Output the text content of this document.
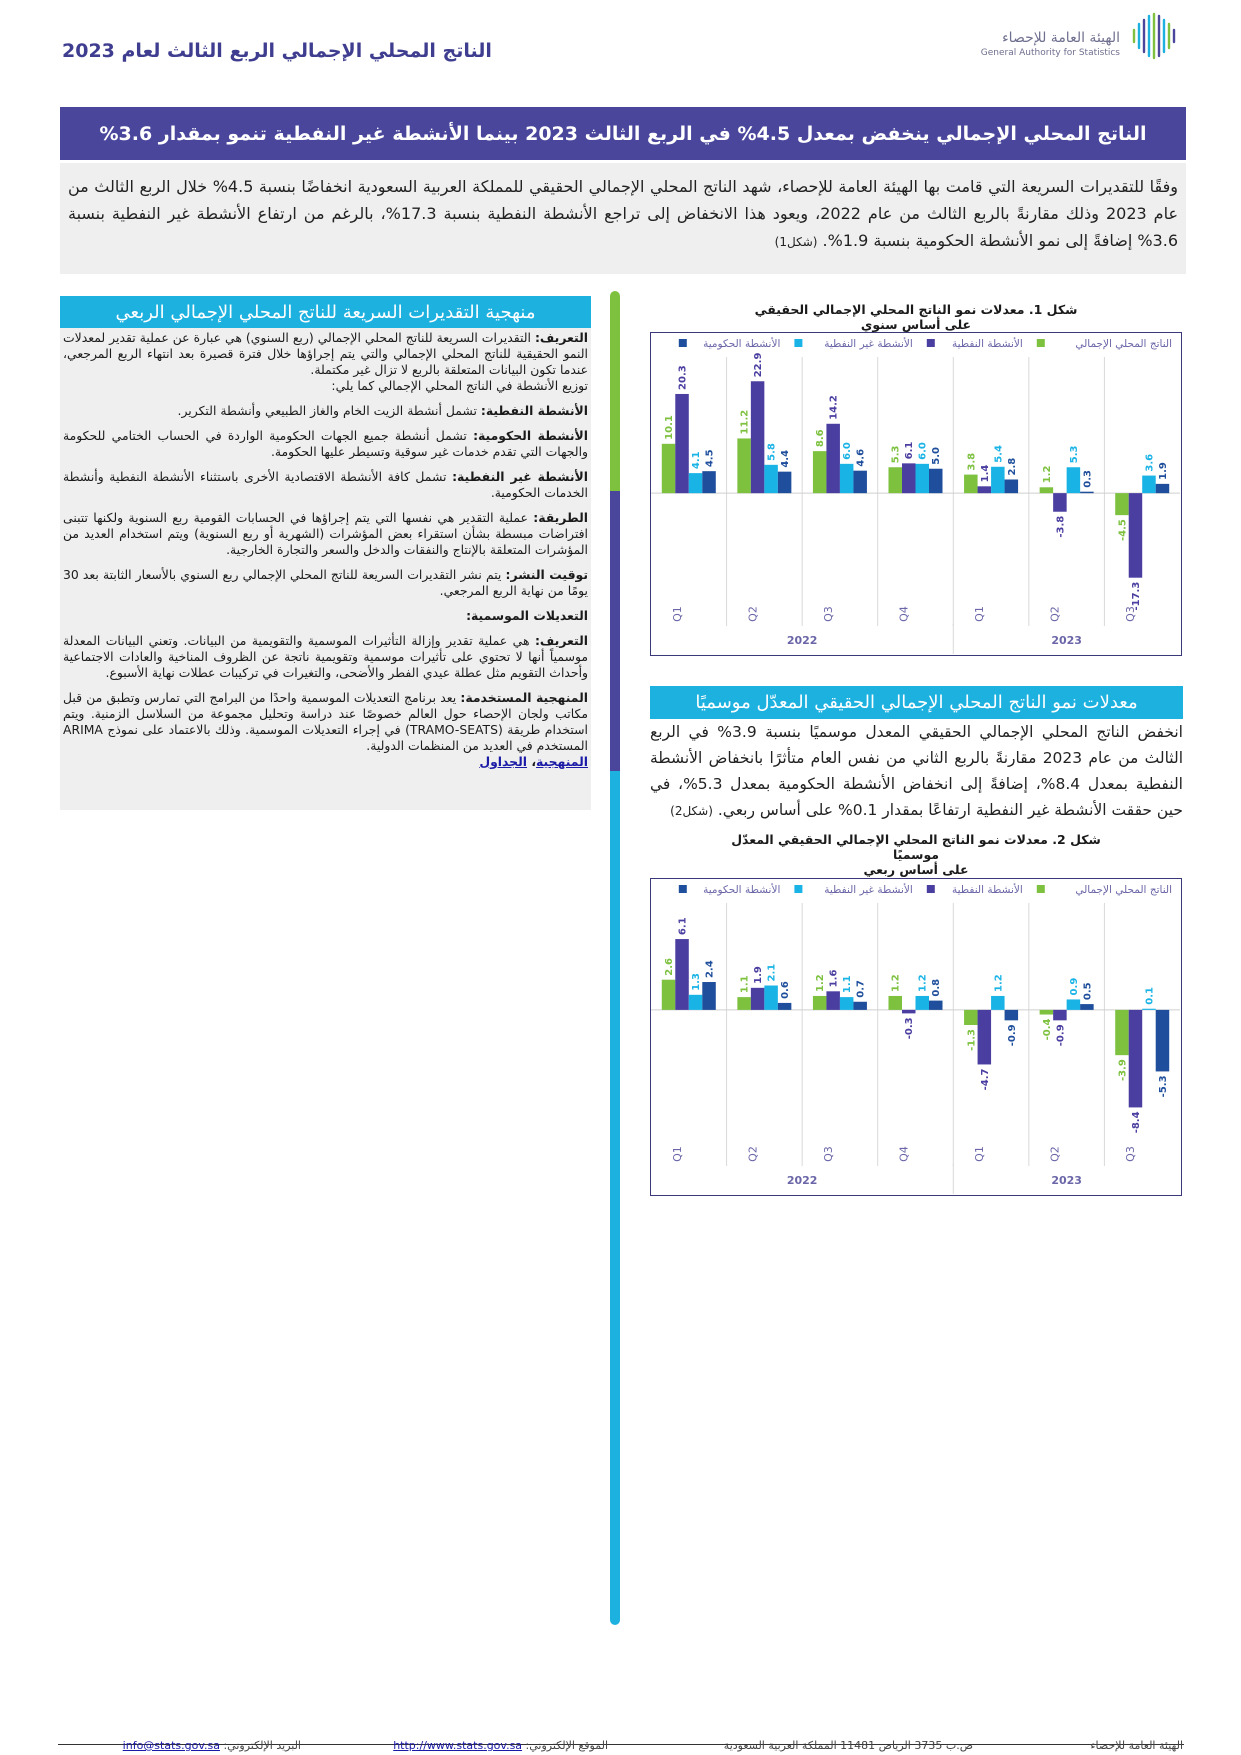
الهيئة العامة للإحصاء
General Authority for Statistics
الناتج المحلي الإجمالي الربع الثالث لعام 2023
الناتج المحلي الإجمالي ينخفض بمعدل 4.5% في الربع الثالث 2023 بينما الأنشطة غير النفطية تنمو بمقدار 3.6%
وفقًا للتقديرات السريعة التي قامت بها الهيئة العامة للإحصاء، شهد الناتج المحلي الإجمالي الحقيقي للمملكة العربية السعودية انخفاضًا بنسبة 4.5% خلال الربع الثالث من عام 2023 وذلك مقارنةً بالربع الثالث من عام 2022، ويعود هذا الانخفاض إلى تراجع الأنشطة النفطية بنسبة 17.3%، بالرغم من ارتفاع الأنشطة غير النفطية بنسبة 3.6% إضافةً إلى نمو الأنشطة الحكومية بنسبة 1.9%. (شكل1)
منهجية التقديرات السريعة للناتج المحلي الإجمالي الربعي

التعريف: التقديرات السريعة للناتج المحلي الإجمالي (ربع السنوي) هي عبارة عن عملية تقدير لمعدلات النمو الحقيقية للناتج المحلي الإجمالي والتي يتم إجراؤها خلال فترة قصيرة بعد انتهاء الربع المرجعي، عندما تكون البيانات المتعلقة بالربع لا تزال غير مكتملة.
توزيع الأنشطة في الناتج المحلي الإجمالي كما يلي:

الأنشطة النفطية: تشمل أنشطة الزيت الخام والغاز الطبيعي وأنشطة التكرير.

الأنشطة الحكومية: تشمل أنشطة جميع الجهات الحكومية الواردة في الحساب الختامي للحكومة والجهات التي تقدم خدمات غير سوقية وتسيطر عليها الحكومة.

الأنشطة غير النفطية: تشمل كافة الأنشطة الاقتصادية الأخرى باستثناء الأنشطة النفطية وأنشطة الخدمات الحكومية.

الطريقة: عملية التقدير هي نفسها التي يتم إجراؤها في الحسابات القومية ربع السنوية ولكنها تتبنى افتراضات مبسطة بشأن استقراء بعض المؤشرات (الشهرية أو ربع السنوية) ويتم استخدام العديد من المؤشرات المتعلقة بالإنتاج والنفقات والدخل والسعر والتجارة الخارجية.

توقيت النشر: يتم نشر التقديرات السريعة للناتج المحلي الإجمالي ربع السنوي بالأسعار الثابتة بعد 30 يومًا من نهاية الربع المرجعي.

التعديلات الموسمية:

التعريف: هي عملية تقدير وإزالة التأثيرات الموسمية والتقويمية من البيانات. وتعني البيانات المعدلة موسمياً أنها لا تحتوي على تأثيرات موسمية وتقويمية ناتجة عن الظروف المناخية والعادات الاجتماعية وأحداث التقويم مثل عطلة عيدي الفطر والأضحى، والتغيرات في تركيبات عطلات نهاية الأسبوع.

المنهجية المستخدمة: يعد برنامج التعديلات الموسمية واحدًا من البرامج التي تمارس وتطبق من قبل مكاتب ولجان الإحصاء حول العالم خصوصًا عند دراسة وتحليل مجموعة من السلاسل الزمنية. ويتم استخدام طريقة (TRAMO-SEATS) في إجراء التعديلات الموسمية. وذلك بالاعتماد على نموذج ARIMA المستخدم في العديد من المنظمات الدولية.

المنهجية، الجداول

شكل 1. معدلات نمو الناتج المحلي الإجمالي الحقيقي
على أساس سنوي
الناتج المحلي الإجمالي
الأنشطة النفطية
الأنشطة غير النفطية
الأنشطة الحكومية
10.1
20.3
4.1 4.5
Q1
11.2
22.9
5.8 4.4
Q2
8.6
14.2
6.0 4.6
Q3
5.3 6.1 6.0 5.0
Q4
3.8
1.4
5.4
2.8
Q1
1.2
-3.8
5.3
0.3
Q2
-4.5
-17.3
3.6 1.9
Q3
2022	2023
معدلات نمو الناتج المحلي الإجمالي الحقيقي المعدّل موسميًا
انخفض الناتج المحلي الإجمالي الحقيقي المعدل موسميًا بنسبة 3.9% في الربع الثالث من عام 2023 مقارنةً بالربع الثاني من نفس العام متأثرًا بانخفاض الأنشطة النفطية بمعدل 8.4%، إضافةً إلى انخفاض الأنشطة الحكومية بمعدل 5.3%، في حين حققت الأنشطة غير النفطية ارتفاعًا بمقدار 0.1% على أساس ربعي. (شكل2)
شكل 2. معدلات نمو الناتج المحلي الإجمالي الحقيقي المعدّل موسميًا
على أساس ربعي
الناتج المحلي الإجمالي
الأنشطة النفطية
الأنشطة غير النفطية
الأنشطة الحكومية
2.6
6.1
1.3
2.4
Q1
1.1
1.9 2.1
0.6
Q2
1.2 1.6 1.1 0.7
Q3
1.2
-0.3
1.2 0.8
Q4
-1.3
-4.7
1.2
-0.9
Q1
-0.4 -0.9
0.9 0.5
Q2
-3.9
-8.4
0.1
-5.3
Q3
2022	2023
الهيئة العامة للإحصاء
ص.ب 3735 الرياض 11481 المملكة العربية السعودية
الموقع الإلكتروني: http://www.stats.gov.sa
البريد الإلكتروني: info@stats.gov.sa
